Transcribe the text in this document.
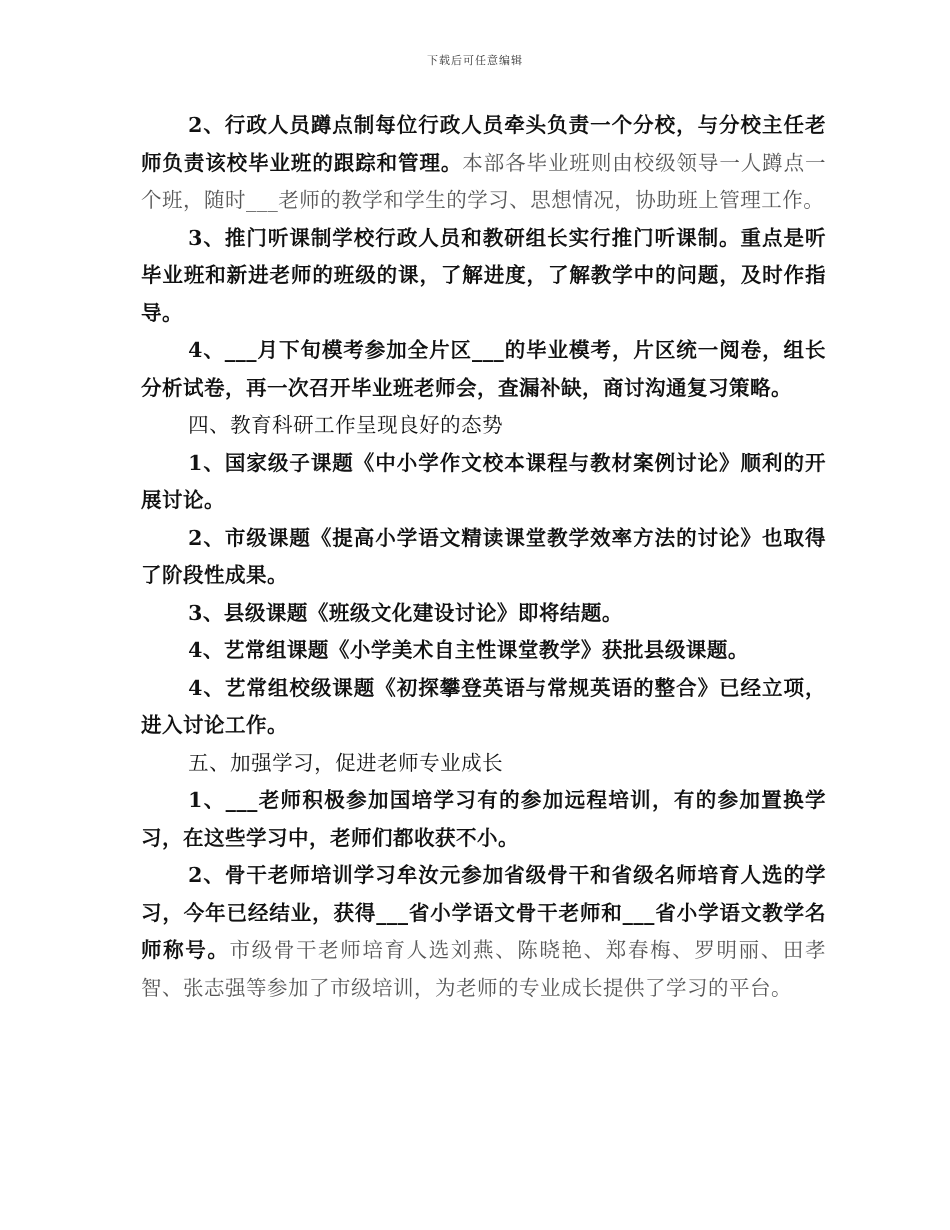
下载后可任意编辑

2、行政人员蹲点制每位行政人员牵头负责一个分校，与分校主任老师负责该校毕业班的跟踪和管理。本部各毕业班则由校级领导一人蹲点一个班，随时___老师的教学和学生的学习、思想情况，协助班上管理工作。

3、推门听课制学校行政人员和教研组长实行推门听课制。重点是听毕业班和新进老师的班级的课，了解进度，了解教学中的问题，及时作指导。

4、___月下旬模考参加全片区___的毕业模考，片区统一阅卷，组长分析试卷，再一次召开毕业班老师会，查漏补缺，商讨沟通复习策略。

四、教育科研工作呈现良好的态势

1、国家级子课题《中小学作文校本课程与教材案例讨论》顺利的开展讨论。

2、市级课题《提高小学语文精读课堂教学效率方法的讨论》也取得了阶段性成果。

3、县级课题《班级文化建设讨论》即将结题。

4、艺常组课题《小学美术自主性课堂教学》获批县级课题。

4、艺常组校级课题《初探攀登英语与常规英语的整合》已经立项，进入讨论工作。

五、加强学习，促进老师专业成长

1、___老师积极参加国培学习有的参加远程培训，有的参加置换学习，在这些学习中，老师们都收获不小。

2、骨干老师培训学习牟汝元参加省级骨干和省级名师培育人选的学习，今年已经结业，获得___省小学语文骨干老师和___省小学语文教学名师称号。市级骨干老师培育人选刘燕、陈晓艳、郑春梅、罗明丽、田孝智、张志强等参加了市级培训，为老师的专业成长提供了学习的平台。
